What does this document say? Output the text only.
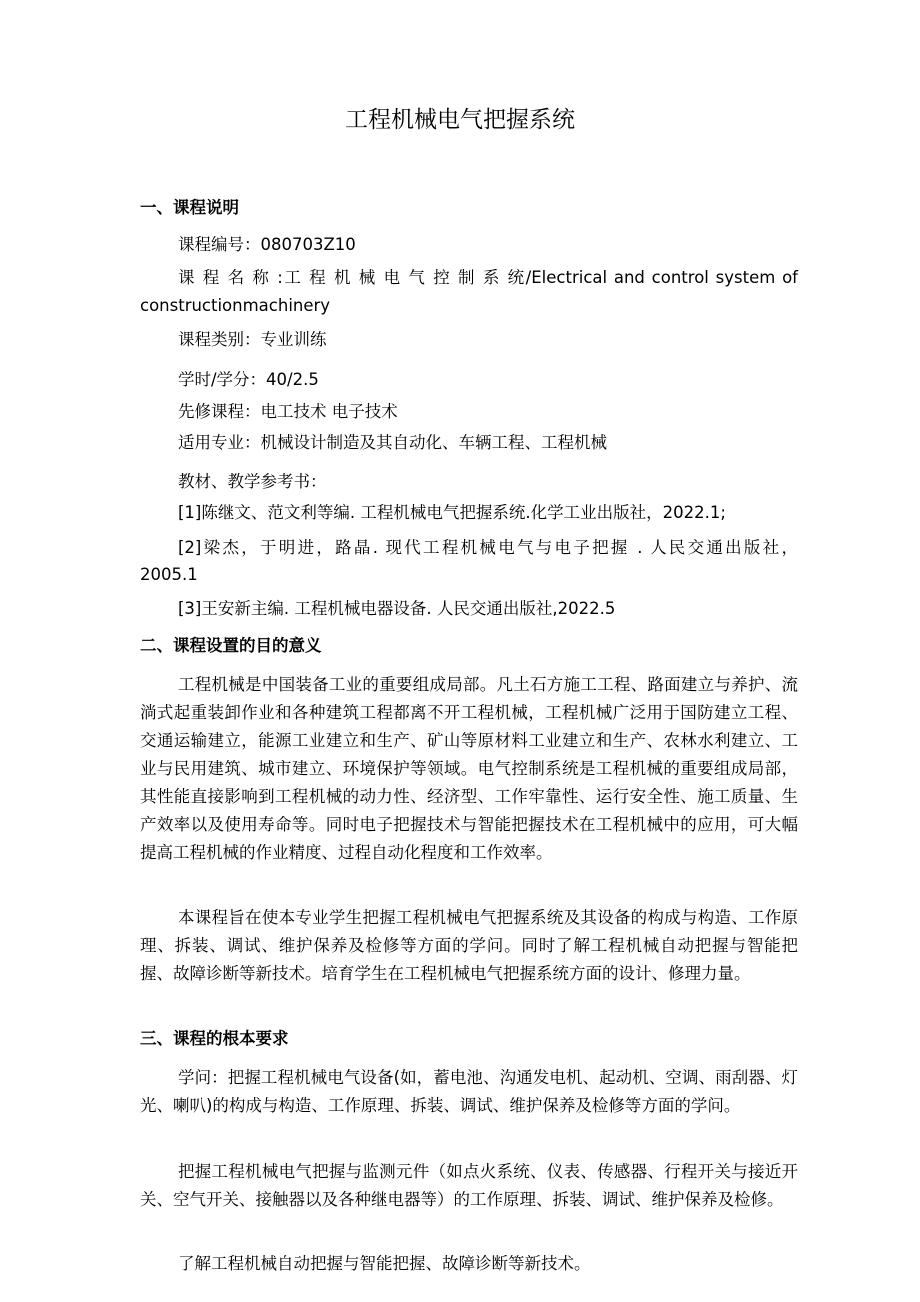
工程机械电气把握系统
一、课程说明
课程编号：080703Z10
课 程 名 称 :工 程 机 械 电 气 控 制 系 统/Electrical and control system of
constructionmachinery
课程类别：专业训练
学时/学分：40/2.5
先修课程：电工技术 电子技术
适用专业：机械设计制造及其自动化、车辆工程、工程机械
教材、教学参考书：
[1]陈继文、范文利等编. 工程机械电气把握系统.化学工业出版社，2022.1;
[2]梁杰，于明进，路晶. 现代工程机械电气与电子把握 . 人民交通出版社，
2005.1
[3]王安新主编. 工程机械电器设备. 人民交通出版社,2022.5
二、课程设置的目的意义

工程机械是中国装备工业的重要组成局部。凡土石方施工工程、路面建立与养护、流淌式起重装卸作业和各种建筑工程都离不开工程机械，工程机械广泛用于国防建立工程、交通运输建立，能源工业建立和生产、矿山等原材料工业建立和生产、农林水利建立、工业与民用建筑、城市建立、环境保护等领域。电气控制系统是工程机械的重要组成局部，其性能直接影响到工程机械的动力性、经济型、工作牢靠性、运行安全性、施工质量、生产效率以及使用寿命等。同时电子把握技术与智能把握技术在工程机械中的应用，可大幅提高工程机械的作业精度、过程自动化程度和工作效率。

本课程旨在使本专业学生把握工程机械电气把握系统及其设备的构成与构造、工作原理、拆装、调试、维护保养及检修等方面的学问。同时了解工程机械自动把握与智能把握、故障诊断等新技术。培育学生在工程机械电气把握系统方面的设计、修理力量。

三、课程的根本要求

学问：把握工程机械电气设备(如，蓄电池、沟通发电机、起动机、空调、雨刮器、灯光、喇叭)的构成与构造、工作原理、拆装、调试、维护保养及检修等方面的学问。

把握工程机械电气把握与监测元件（如点火系统、仪表、传感器、行程开关与接近开关、空气开关、接触器以及各种继电器等）的工作原理、拆装、调试、维护保养及检修。

了解工程机械自动把握与智能把握、故障诊断等新技术。
